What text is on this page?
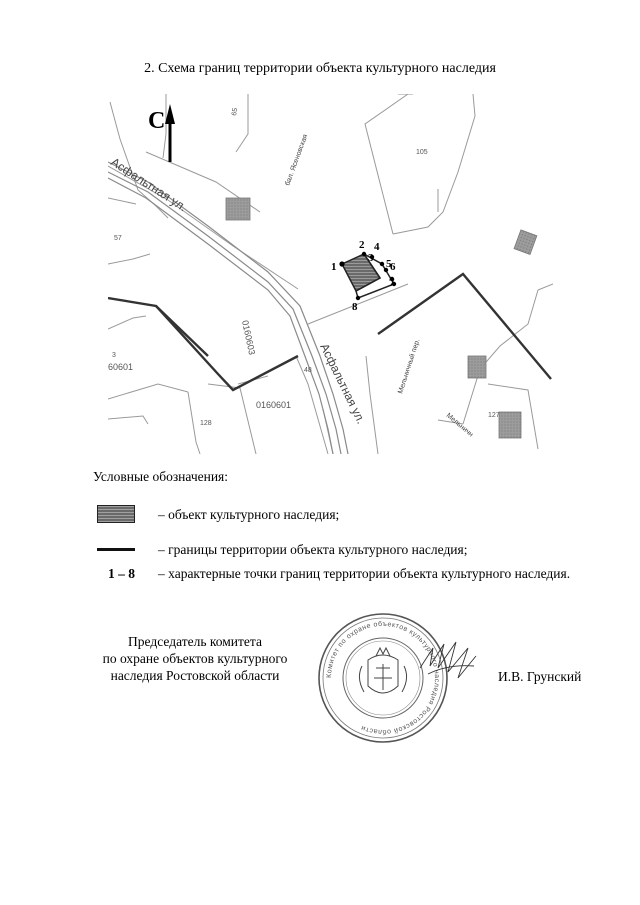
2. Схема границ территории объекта культурного наследия
1
2
3
4
5
6
7
8
С
Асфальтная ул.
Асфальтная ул.
бал. Ясеновская
Мельничный пер.
Мельничн
65
105
57
0160603
3
60601
0160601
128
48
127
Условные обозначения:
– объект культурного наследия;
– границы территории объекта культурного наследия;
1 – 8 – характерные точки границ территории объекта культурного наследия.
Председатель комитета
по охране объектов культурного
наследия Ростовской области	Комитет по охране объектов культурного наследия Ростовской области
И.В. Грунский
